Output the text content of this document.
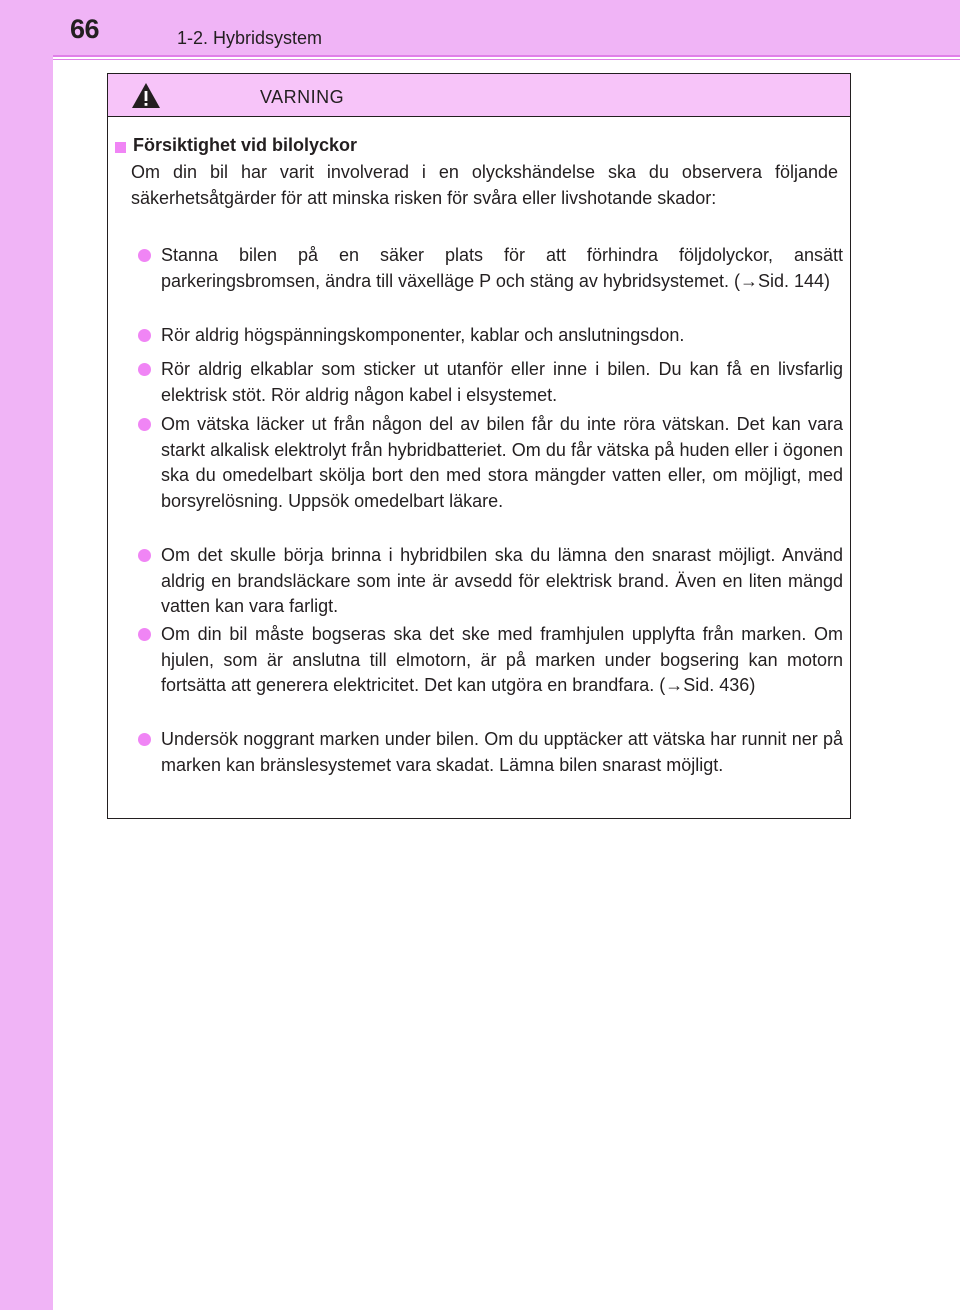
66	1-2. Hybridsystem
VARNING
Försiktighet vid bilolyckor
Om din bil har varit involverad i en olyckshändelse ska du observera följande säkerhetsåtgärder för att minska risken för svåra eller livshotande skador:
Stanna bilen på en säker plats för att förhindra följdolyckor, ansätt parkeringsbromsen, ändra till växelläge P och stäng av hybridsystemet. (→Sid. 144)
Rör aldrig högspänningskomponenter, kablar och anslutningsdon.
Rör aldrig elkablar som sticker ut utanför eller inne i bilen. Du kan få en livsfarlig elektrisk stöt. Rör aldrig någon kabel i elsystemet.
Om vätska läcker ut från någon del av bilen får du inte röra vätskan. Det kan vara starkt alkalisk elektrolyt från hybridbatteriet. Om du får vätska på huden eller i ögonen ska du omedelbart skölja bort den med stora mängder vatten eller, om möjligt, med borsyrelösning. Uppsök omedelbart läkare.
Om det skulle börja brinna i hybridbilen ska du lämna den snarast möjligt. Använd aldrig en brandsläckare som inte är avsedd för elektrisk brand. Även en liten mängd vatten kan vara farligt.
Om din bil måste bogseras ska det ske med framhjulen upplyfta från marken. Om hjulen, som är anslutna till elmotorn, är på marken under bogsering kan motorn fortsätta att generera elektricitet. Det kan utgöra en brandfara. (→Sid. 436)
Undersök noggrant marken under bilen. Om du upptäcker att vätska har runnit ner på marken kan bränslesystemet vara skadat. Lämna bilen snarast möjligt.
